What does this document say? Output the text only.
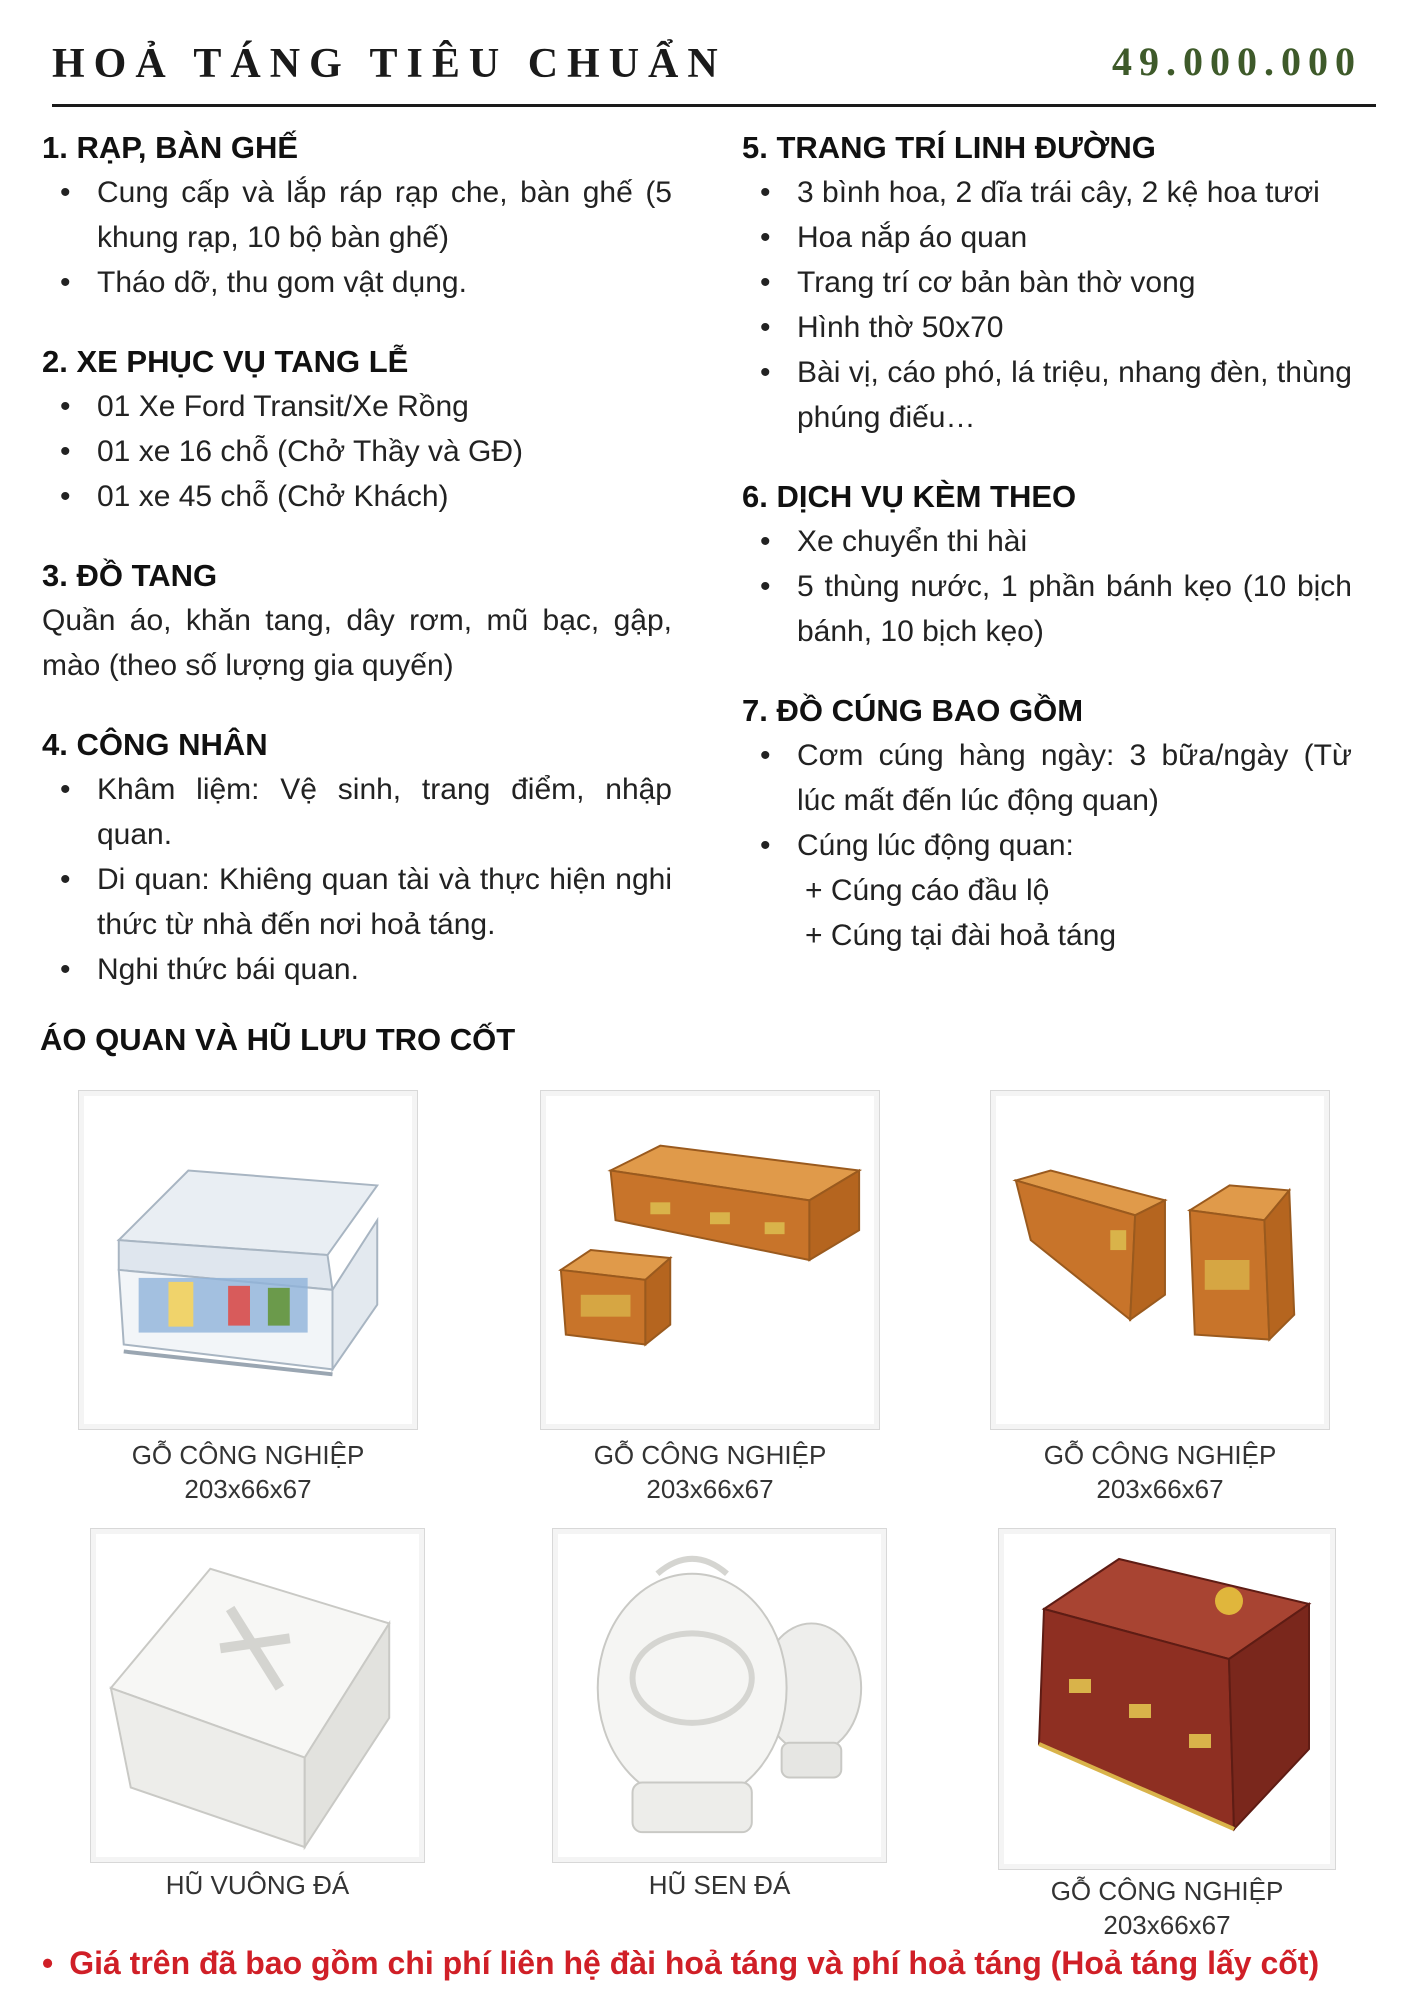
HOẢ TÁNG TIÊU CHUẨN	49.000.000
1. RẠP, BÀN GHẾ
• Cung cấp và lắp ráp rạp che, bàn ghế (5 khung rạp, 10 bộ bàn ghế)
• Tháo dỡ, thu gom vật dụng.
2. XE PHỤC VỤ TANG LỄ
• 01 Xe Ford Transit/Xe Rồng
• 01 xe 16 chỗ (Chở Thầy và GĐ)
• 01 xe 45 chỗ (Chở Khách)
3. ĐỒ TANG
Quần áo, khăn tang, dây rơm, mũ bạc, gập, mào (theo số lượng gia quyến)
4. CÔNG NHÂN
• Khâm liệm: Vệ sinh, trang điểm, nhập quan.
• Di quan: Khiêng quan tài và thực hiện nghi thức từ nhà đến nơi hoả táng.
• Nghi thức bái quan.
5. TRANG TRÍ LINH ĐƯỜNG
• 3 bình hoa, 2 dĩa trái cây, 2 kệ hoa tươi
• Hoa nắp áo quan
• Trang trí cơ bản bàn thờ vong
• Hình thờ 50x70
• Bài vị, cáo phó, lá triệu, nhang đèn, thùng phúng điếu…
6. DỊCH VỤ KÈM THEO
• Xe chuyển thi hài
• 5 thùng nước, 1 phần bánh kẹo (10 bịch bánh, 10 bịch kẹo)
7. ĐỒ CÚNG BAO GỒM
• Cơm cúng hàng ngày: 3 bữa/ngày (Từ lúc mất đến lúc động quan)
• Cúng lúc động quan:
+ Cúng cáo đầu lộ
+ Cúng tại đài hoả táng
ÁO QUAN VÀ HŨ LƯU TRO CỐT
GỖ CÔNG NGHIỆP
203x66x67
GỖ CÔNG NGHIỆP
203x66x67
GỖ CÔNG NGHIỆP
203x66x67
HŨ VUÔNG ĐÁ	HŨ SEN ĐÁ	GỖ CÔNG NGHIỆP
203x66x67
• Giá trên đã bao gồm chi phí liên hệ đài hoả táng và phí hoả táng (Hoả táng lấy cốt)
